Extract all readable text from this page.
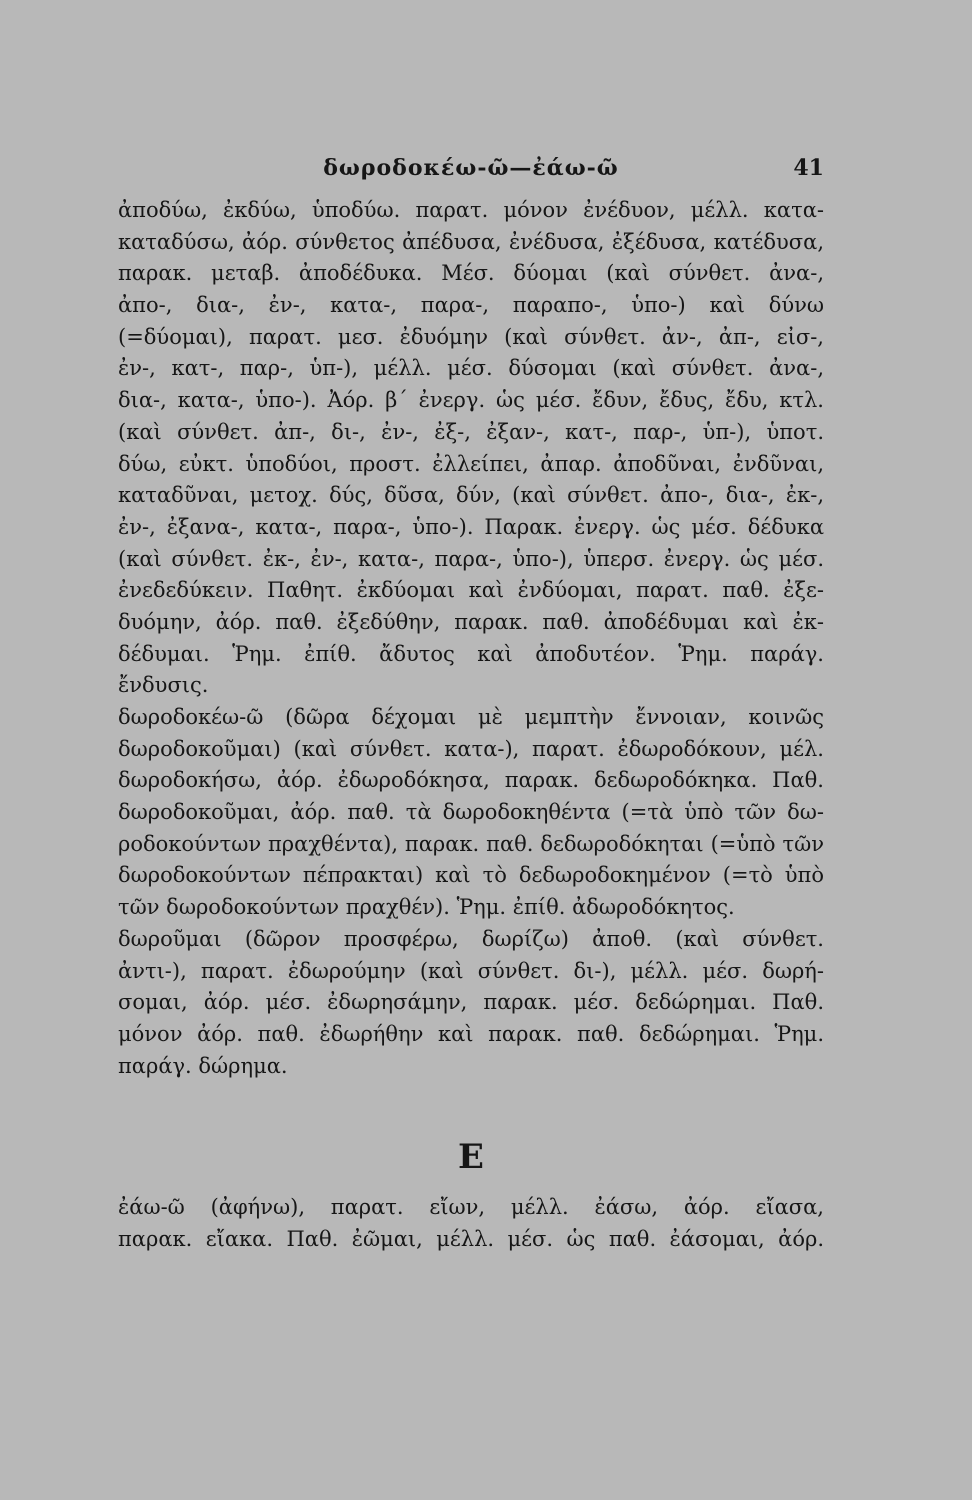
δωροδοκέω-ῶ—ἐάω-ῶ	41
ἀποδύω, ἐκδύω, ὑποδύω. παρατ. μόνον ἐνέδυον, μέλλ. κατα-
καταδύσω, ἀόρ. σύνθετος ἀπέδυσα, ἐνέδυσα, ἐξέδυσα, κατέδυσα,
παρακ. μεταβ. ἀποδέδυκα. Μέσ. δύομαι (καὶ σύνθετ. ἀνα-,
ἀπο-, δια-, ἐν-, κατα-, παρα-, παραπο-, ὑπο-) καὶ δύνω
(=δύομαι), παρατ. μεσ. ἐδυόμην (καὶ σύνθετ. ἀν-, ἀπ-, εἰσ-,
ἐν-, κατ-, παρ-, ὑπ-), μέλλ. μέσ. δύσομαι (καὶ σύνθετ. ἀνα-,
δια-, κατα-, ὑπο-). Ἀόρ. β΄ ἐνεργ. ὡς μέσ. ἔδυν, ἔδυς, ἔδυ, κτλ.
(καὶ σύνθετ. ἀπ-, δι-, ἐν-, ἐξ-, ἐξαν-, κατ-, παρ-, ὑπ-), ὑποτ.
δύω, εὐκτ. ὑποδύοι, προστ. ἐλλείπει, ἀπαρ. ἀποδῦναι, ἐνδῦναι,
καταδῦναι, μετοχ. δύς, δῦσα, δύν, (καὶ σύνθετ. ἀπο-, δια-, ἐκ-,
ἐν-, ἐξανα-, κατα-, παρα-, ὑπο-). Παρακ. ἐνεργ. ὡς μέσ. δέδυκα
(καὶ σύνθετ. ἐκ-, ἐν-, κατα-, παρα-, ὑπο-), ὑπερσ. ἐνεργ. ὡς μέσ.
ἐνεδεδύκειν. Παθητ. ἐκδύομαι καὶ ἐνδύομαι, παρατ. παθ. ἐξε-
δυόμην, ἀόρ. παθ. ἐξεδύθην, παρακ. παθ. ἀποδέδυμαι καὶ ἐκ-
δέδυμαι. Ῥημ. ἐπίθ. ἄδυτος καὶ ἀποδυτέον. Ῥημ. παράγ.
ἔνδυσις.
δωροδοκέω-ῶ (δῶρα δέχομαι μὲ μεμπτὴν ἔννοιαν, κοινῶς
δωροδοκοῦμαι) (καὶ σύνθετ. κατα-), παρατ. ἐδωροδόκουν, μέλ.
δωροδοκήσω, ἀόρ. ἐδωροδόκησα, παρακ. δεδωροδόκηκα. Παθ.
δωροδοκοῦμαι, ἀόρ. παθ. τὰ δωροδοκηθέντα (=τὰ ὑπὸ τῶν δω-
ροδοκούντων πραχθέντα), παρακ. παθ. δεδωροδόκηται (=ὑπὸ τῶν
δωροδοκούντων πέπρακται) καὶ τὸ δεδωροδοκημένον (=τὸ ὑπὸ
τῶν δωροδοκούντων πραχθέν). Ῥημ. ἐπίθ. ἀδωροδόκητος.
δωροῦμαι (δῶρον προσφέρω, δωρίζω) ἀποθ. (καὶ σύνθετ.
ἀντι-), παρατ. ἐδωρούμην (καὶ σύνθετ. δι-), μέλλ. μέσ. δωρή-
σομαι, ἀόρ. μέσ. ἐδωρησάμην, παρακ. μέσ. δεδώρημαι. Παθ.
μόνον ἀόρ. παθ. ἐδωρήθην καὶ παρακ. παθ. δεδώρημαι. Ῥημ.
παράγ. δώρημα.
Ε
ἐάω-ῶ (ἀφήνω), παρατ. εἴων, μέλλ. ἐάσω, ἀόρ. εἴασα,
παρακ. εἴακα. Παθ. ἐῶμαι, μέλλ. μέσ. ὡς παθ. ἐάσομαι, ἀόρ.
